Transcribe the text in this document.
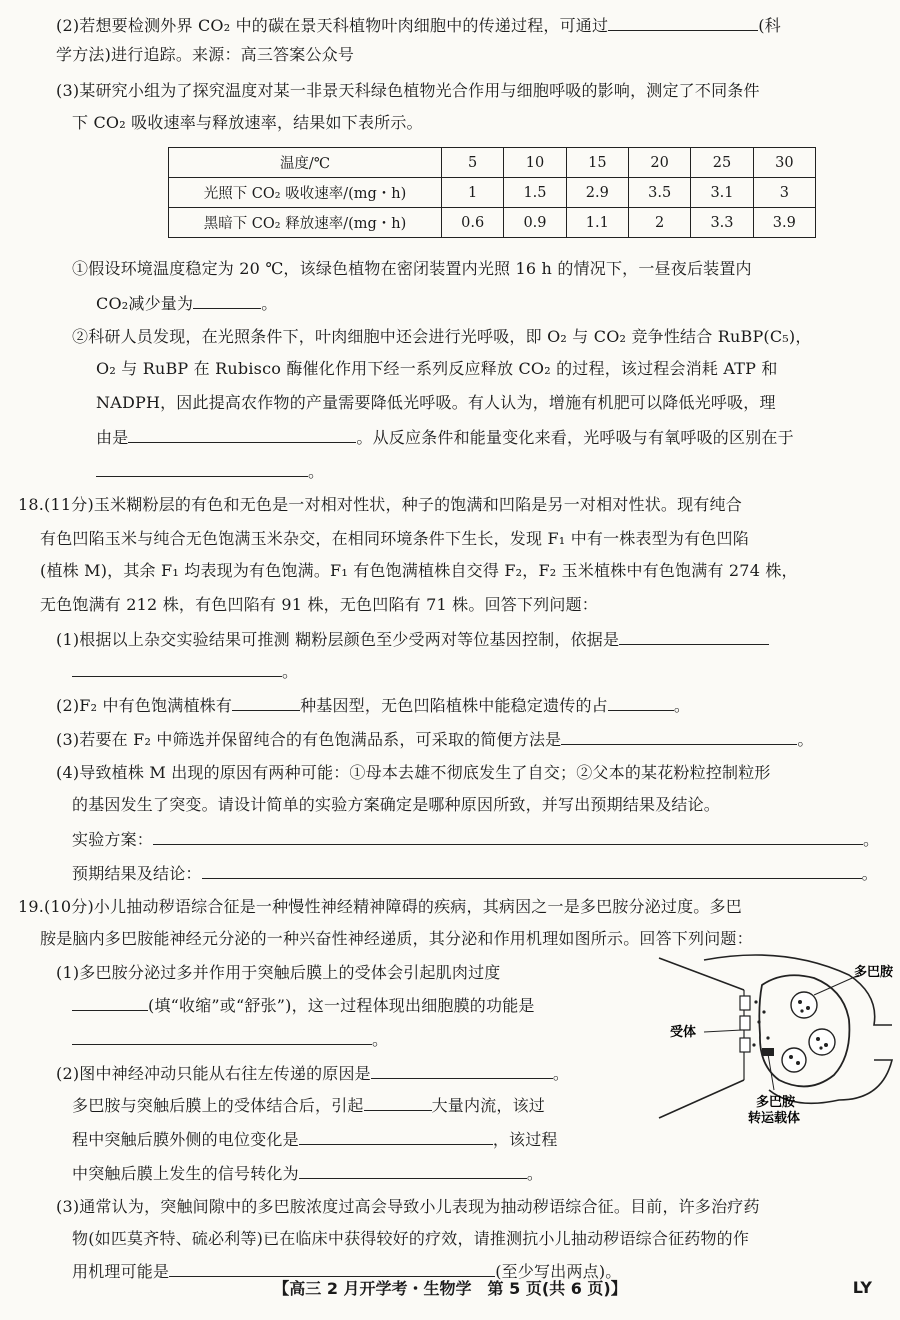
(2)若想要检测外界 CO₂ 中的碳在景天科植物叶肉细胞中的传递过程，可通过	(科
学方法)进行追踪。来源：高三答案公众号
(3)某研究小组为了探究温度对某一非景天科绿色植物光合作用与细胞呼吸的影响，测定了不同条件
下 CO₂ 吸收速率与释放速率，结果如下表所示。
温度/℃	5	10	15	20	25	30
光照下 CO₂ 吸收速率/(mg・h)	1	1.5	2.9	3.5	3.1	3
黑暗下 CO₂ 释放速率/(mg・h)	0.6	0.9	1.1	2	3.3	3.9
①假设环境温度稳定为 20 ℃，该绿色植物在密闭装置内光照 16 h 的情况下，一昼夜后装置内
CO₂减少量为	。
②科研人员发现，在光照条件下，叶肉细胞中还会进行光呼吸，即 O₂ 与 CO₂ 竞争性结合 RuBP(C₅)，
O₂ 与 RuBP 在 Rubisco 酶催化作用下经一系列反应释放 CO₂ 的过程，该过程会消耗 ATP 和
NADPH，因此提高农作物的产量需要降低光呼吸。有人认为，增施有机肥可以降低光呼吸，理
由是	。从反应条件和能量变化来看，光呼吸与有氧呼吸的区别在于
。
18.(11分)玉米糊粉层的有色和无色是一对相对性状，种子的饱满和凹陷是另一对相对性状。现有纯合
有色凹陷玉米与纯合无色饱满玉米杂交，在相同环境条件下生长，发现 F₁ 中有一株表型为有色凹陷
(植株 M)，其余 F₁ 均表现为有色饱满。F₁ 有色饱满植株自交得 F₂，F₂ 玉米植株中有色饱满有 274 株，
无色饱满有 212 株，有色凹陷有 91 株，无色凹陷有 71 株。回答下列问题：
(1)根据以上杂交实验结果可推测 糊粉层颜色至少受两对等位基因控制，依据是
。
(2)F₂ 中有色饱满植株有	种基因型，无色凹陷植株中能稳定遗传的占	。
(3)若要在 F₂ 中筛选并保留纯合的有色饱满品系，可采取的简便方法是	。
(4)导致植株 M 出现的原因有两种可能：①母本去雄不彻底发生了自交；②父本的某花粉粒控制粒形
的基因发生了突变。请设计简单的实验方案确定是哪种原因所致，并写出预期结果及结论。
实验方案：	。
预期结果及结论：	。
19.(10分)小儿抽动秽语综合征是一种慢性神经精神障碍的疾病，其病因之一是多巴胺分泌过度。多巴
胺是脑内多巴胺能神经元分泌的一种兴奋性神经递质，其分泌和作用机理如图所示。回答下列问题：
(1)多巴胺分泌过多并作用于突触后膜上的受体会引起肌肉过度
(填“收缩”或“舒张”)，这一过程体现出细胞膜的功能是
。
(2)图中神经冲动只能从右往左传递的原因是	。
多巴胺与突触后膜上的受体结合后，引起	大量内流，该过
程中突触后膜外侧的电位变化是	，该过程
中突触后膜上发生的信号转化为	。
(3)通常认为，突触间隙中的多巴胺浓度过高会导致小儿表现为抽动秽语综合征。目前，许多治疗药
物(如匹莫齐特、硫必利等)已在临床中获得较好的疗效，请推测抗小儿抽动秽语综合征药物的作
用机理可能是	(至少写出两点)。
多巴胺
受体
多巴胺
转运载体
【高三 2 月开学考・生物学　第 5 页(共 6 页)】	LY
